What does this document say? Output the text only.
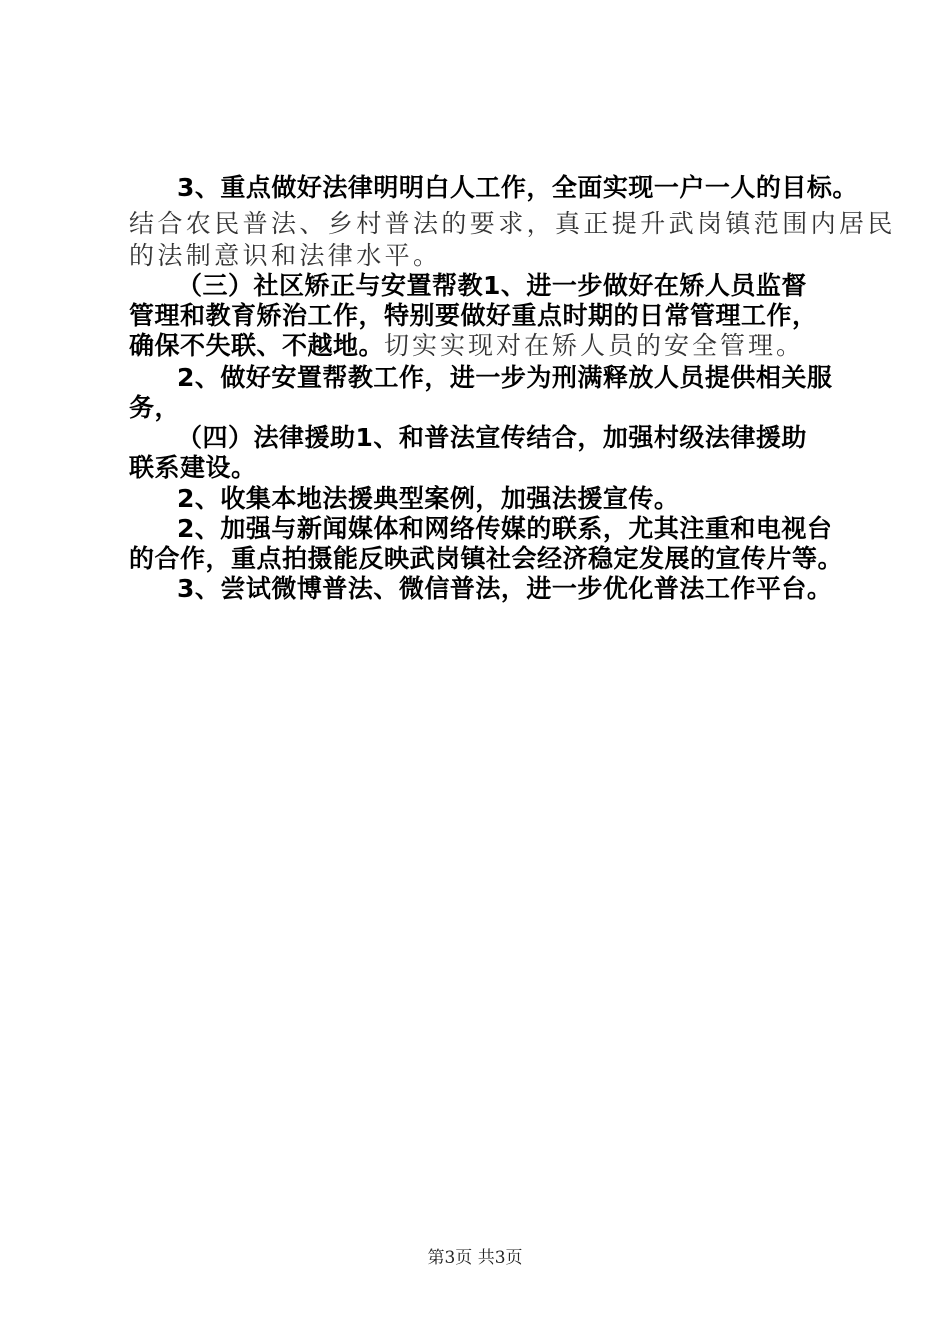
3、重点做好法律明明白人工作，全面实现一户一人的目标。
结合农民普法、乡村普法的要求，真正提升武岗镇范围内居民
的法制意识和法律水平。
（三）社区矫正与安置帮教1、进一步做好在矫人员监督
管理和教育矫治工作，特别要做好重点时期的日常管理工作，
确保不失联、不越地。切实实现对在矫人员的安全管理。
2、做好安置帮教工作，进一步为刑满释放人员提供相关服
务，
（四）法律援助1、和普法宣传结合，加强村级法律援助
联系建设。
2、收集本地法援典型案例，加强法援宣传。
2、加强与新闻媒体和网络传媒的联系，尤其注重和电视台
的合作，重点拍摄能反映武岗镇社会经济稳定发展的宣传片等。
3、尝试微博普法、微信普法，进一步优化普法工作平台。
第3页 共3页
